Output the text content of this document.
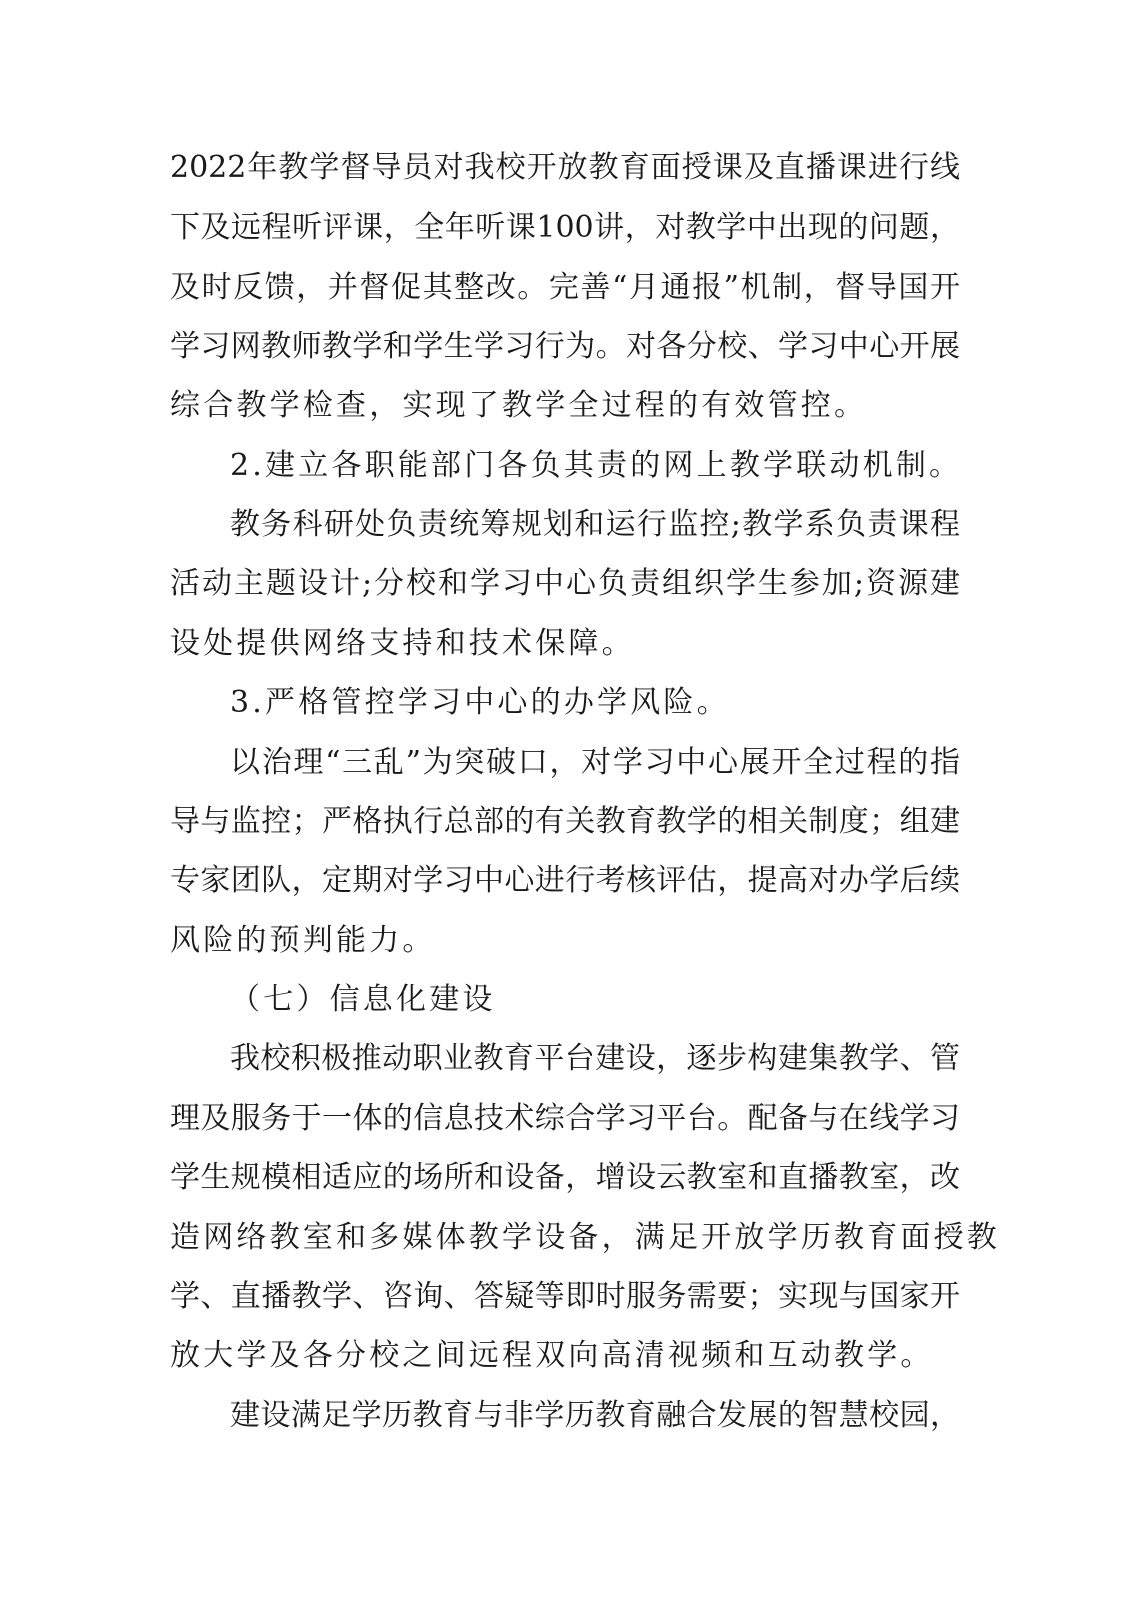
2022年教学督导员对我校开放教育面授课及直播课进行线
下及远程听评课，全年听课100讲，对教学中出现的问题，
及时反馈，并督促其整改。完善“月通报”机制，督导国开
学习网教师教学和学生学习行为。对各分校、学习中心开展
综合教学检查，实现了教学全过程的有效管控。
2.建立各职能部门各负其责的网上教学联动机制。
教务科研处负责统筹规划和运行监控;教学系负责课程
活动主题设计;分校和学习中心负责组织学生参加;资源建
设处提供网络支持和技术保障。
3.严格管控学习中心的办学风险。
以治理“三乱”为突破口，对学习中心展开全过程的指
导与监控；严格执行总部的有关教育教学的相关制度；组建
专家团队，定期对学习中心进行考核评估，提高对办学后续
风险的预判能力。
（七）信息化建设
我校积极推动职业教育平台建设，逐步构建集教学、管
理及服务于一体的信息技术综合学习平台。配备与在线学习
学生规模相适应的场所和设备，增设云教室和直播教室，改
造网络教室和多媒体教学设备，满足开放学历教育面授教
学、直播教学、咨询、答疑等即时服务需要；实现与国家开
放大学及各分校之间远程双向高清视频和互动教学。
建设满足学历教育与非学历教育融合发展的智慧校园，
